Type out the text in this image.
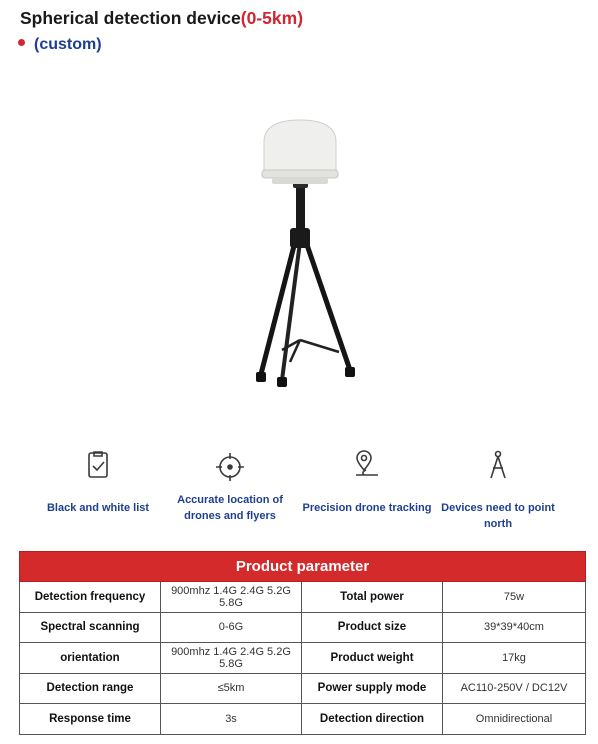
Spherical detection device(0-5km)
(custom)
Black and white list
Accurate location of drones and flyers
Precision drone tracking Devices need to point north
Product parameter			
Detection frequency	900mhz 1.4G 2.4G 5.2G 5.8G	Total power	75w
Spectral scanning	0-6G	Product size	39*39*40cm
orientation	900mhz 1.4G 2.4G 5.2G 5.8G	Product weight	17kg
Detection range	≤5km	Power supply mode	AC110-250V / DC12V
Response time	3s	Detection direction	Omnidirectional
